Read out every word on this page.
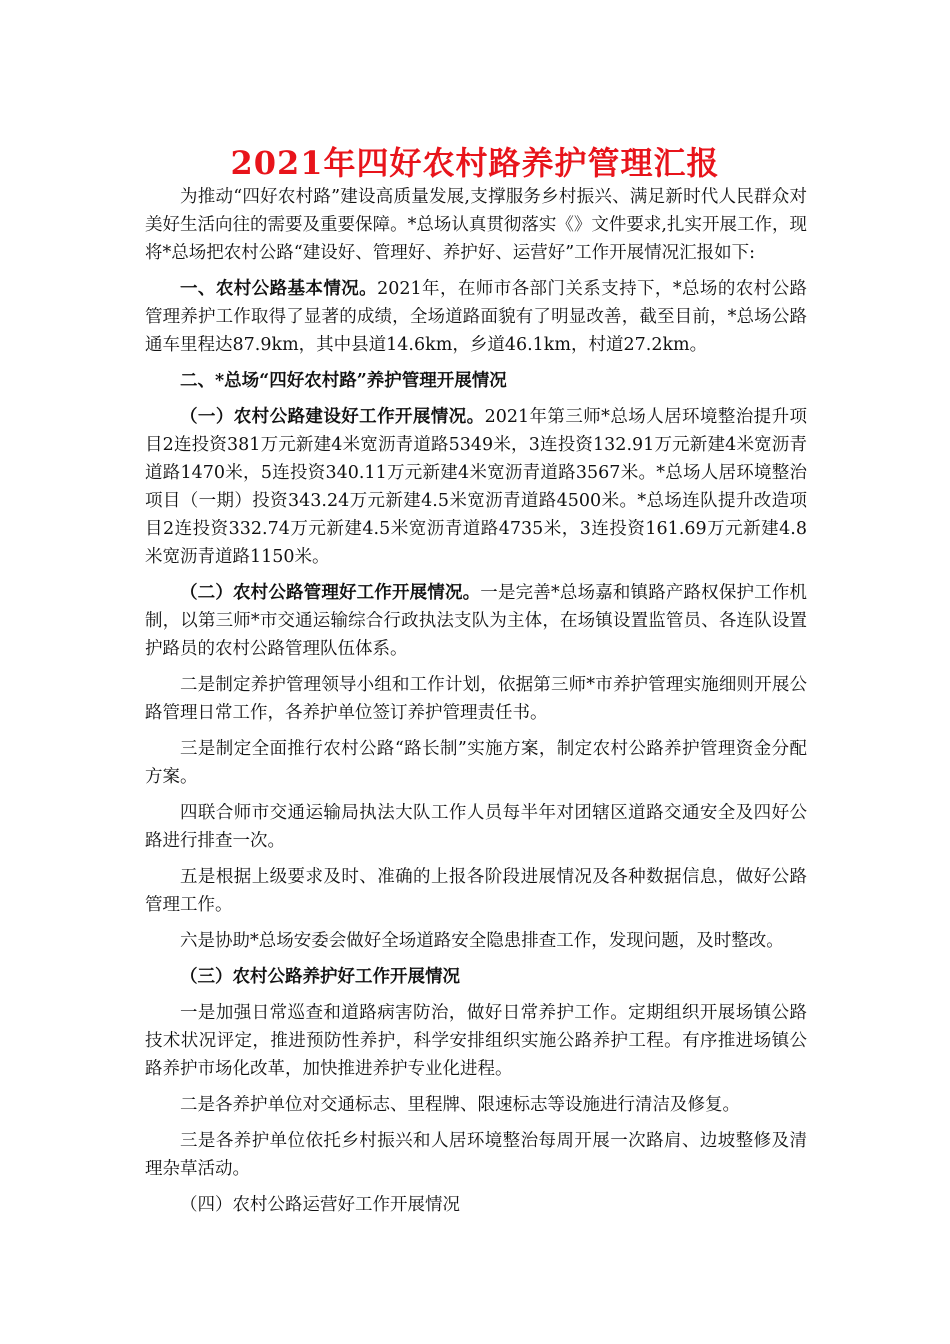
2021年四好农村路养护管理汇报

为推动“四好农村路”建设高质量发展,支撑服务乡村振兴、满足新时代人民群众对美好生活向往的需要及重要保障。*总场认真贯彻落实《》文件要求,扎实开展工作，现将*总场把农村公路“建设好、管理好、养护好、运营好”工作开展情况汇报如下:

一、农村公路基本情况。2021年，在师市各部门关系支持下，*总场的农村公路管理养护工作取得了显著的成绩，全场道路面貌有了明显改善，截至目前，*总场公路通车里程达87.9km，其中县道14.6km，乡道46.1km，村道27.2km。

二、*总场“四好农村路”养护管理开展情况

（一）农村公路建设好工作开展情况。2021年第三师*总场人居环境整治提升项目2连投资381万元新建4米宽沥青道路5349米，3连投资132.91万元新建4米宽沥青道路1470米，5连投资340.11万元新建4米宽沥青道路3567米。*总场人居环境整治项目（一期）投资343.24万元新建4.5米宽沥青道路4500米。*总场连队提升改造项目2连投资332.74万元新建4.5米宽沥青道路4735米，3连投资161.69万元新建4.8米宽沥青道路1150米。

（二）农村公路管理好工作开展情况。一是完善*总场嘉和镇路产路权保护工作机制，以第三师*市交通运输综合行政执法支队为主体，在场镇设置监管员、各连队设置护路员的农村公路管理队伍体系。

二是制定养护管理领导小组和工作计划，依据第三师*市养护管理实施细则开展公路管理日常工作，各养护单位签订养护管理责任书。

三是制定全面推行农村公路“路长制”实施方案，制定农村公路养护管理资金分配方案。

四联合师市交通运输局执法大队工作人员每半年对团辖区道路交通安全及四好公路进行排查一次。

五是根据上级要求及时、准确的上报各阶段进展情况及各种数据信息，做好公路管理工作。

六是协助*总场安委会做好全场道路安全隐患排查工作，发现问题，及时整改。

（三）农村公路养护好工作开展情况

一是加强日常巡查和道路病害防治，做好日常养护工作。定期组织开展场镇公路技术状况评定，推进预防性养护，科学安排组织实施公路养护工程。有序推进场镇公路养护市场化改革，加快推进养护专业化进程。

二是各养护单位对交通标志、里程牌、限速标志等设施进行清洁及修复。

三是各养护单位依托乡村振兴和人居环境整治每周开展一次路肩、边坡整修及清理杂草活动。

（四）农村公路运营好工作开展情况
